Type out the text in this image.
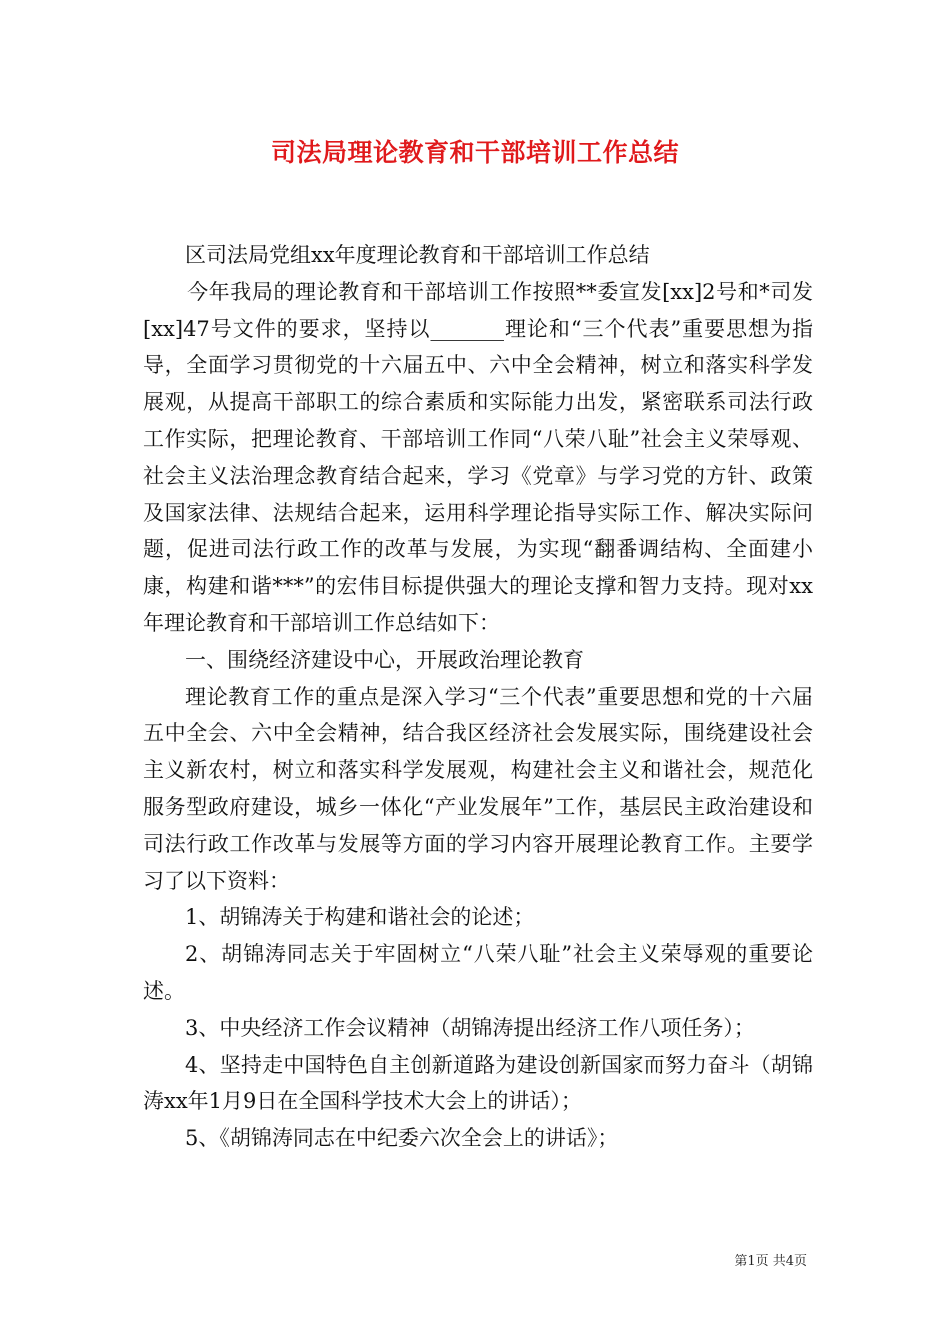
司法局理论教育和干部培训工作总结

区司法局党组xx年度理论教育和干部培训工作总结

今年我局的理论教育和干部培训工作按照**委宣发[xx]2号和*司发[xx]47号文件的要求，坚持以_______理论和“三个代表”重要思想为指导，全面学习贯彻党的十六届五中、六中全会精神，树立和落实科学发展观，从提高干部职工的综合素质和实际能力出发，紧密联系司法行政工作实际，把理论教育、干部培训工作同“八荣八耻”社会主义荣辱观、社会主义法治理念教育结合起来，学习《党章》与学习党的方针、政策及国家法律、法规结合起来，运用科学理论指导实际工作、解决实际问题，促进司法行政工作的改革与发展，为实现“翻番调结构、全面建小康，构建和谐***”的宏伟目标提供强大的理论支撑和智力支持。现对xx年理论教育和干部培训工作总结如下：

一、围绕经济建设中心，开展政治理论教育

理论教育工作的重点是深入学习“三个代表”重要思想和党的十六届五中全会、六中全会精神，结合我区经济社会发展实际，围绕建设社会主义新农村，树立和落实科学发展观，构建社会主义和谐社会，规范化服务型政府建设，城乡一体化“产业发展年”工作，基层民主政治建设和司法行政工作改革与发展等方面的学习内容开展理论教育工作。主要学习了以下资料：

1、胡锦涛关于构建和谐社会的论述；

2、胡锦涛同志关于牢固树立“八荣八耻”社会主义荣辱观的重要论述。

3、中央经济工作会议精神（胡锦涛提出经济工作八项任务）；

4、坚持走中国特色自主创新道路为建设创新国家而努力奋斗（胡锦涛xx年1月9日在全国科学技术大会上的讲话）；

5、《胡锦涛同志在中纪委六次全会上的讲话》；

第1页 共4页
